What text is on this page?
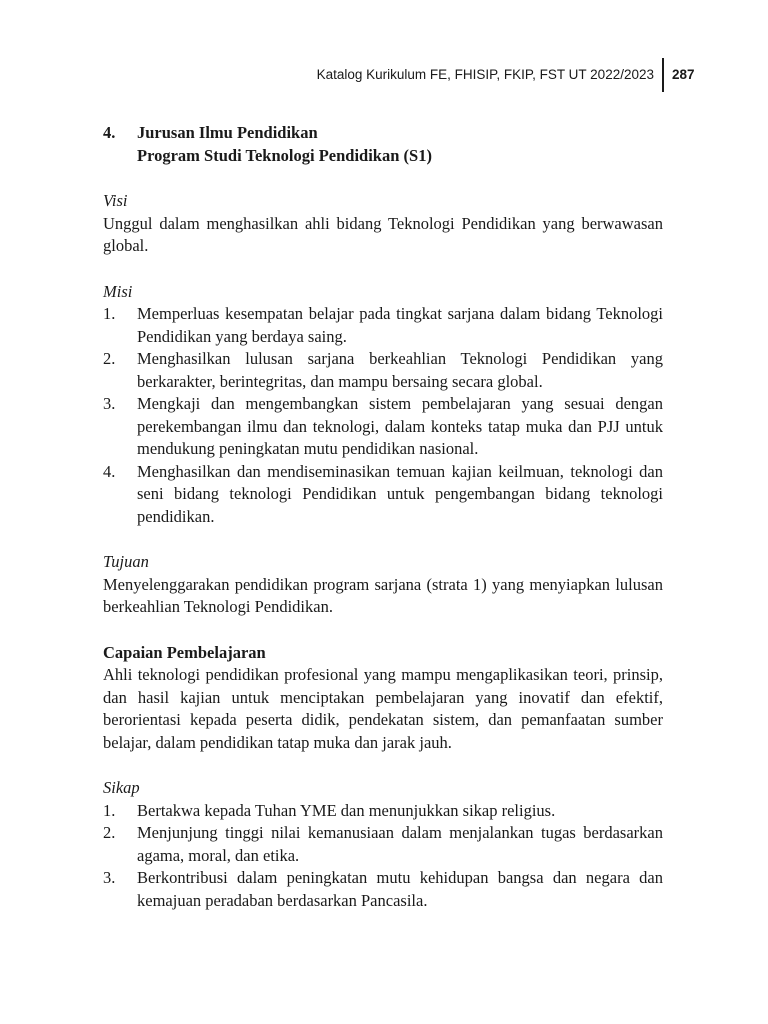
Katalog Kurikulum FE, FHISIP, FKIP, FST UT 2022/2023 287
4.	Jurusan Ilmu Pendidikan
Program Studi Teknologi Pendidikan (S1)
Visi
Unggul dalam menghasilkan ahli bidang Teknologi Pendidikan yang berwawasan global.
Misi
1.	Memperluas kesempatan belajar pada tingkat sarjana dalam bidang Teknologi Pendidikan yang berdaya saing.
2.	Menghasilkan lulusan sarjana berkeahlian Teknologi Pendidikan yang berkarakter, berintegritas, dan mampu bersaing secara global.
3.	Mengkaji dan mengembangkan sistem pembelajaran yang sesuai dengan perekembangan ilmu dan teknologi, dalam konteks tatap muka dan PJJ untuk mendukung peningkatan mutu pendidikan nasional.
4.	Menghasilkan dan mendiseminasikan temuan kajian keilmuan, teknologi dan seni bidang teknologi Pendidikan untuk pengembangan bidang teknologi pendidikan.
Tujuan
Menyelenggarakan pendidikan program sarjana (strata 1) yang menyiapkan lulusan berkeahlian Teknologi Pendidikan.
Capaian Pembelajaran
Ahli teknologi pendidikan profesional yang mampu mengaplikasikan teori, prinsip, dan hasil kajian untuk menciptakan pembelajaran yang inovatif dan efektif, berorientasi kepada peserta didik, pendekatan sistem, dan pemanfaatan sumber belajar, dalam pendidikan tatap muka dan jarak jauh.
Sikap
1.	Bertakwa kepada Tuhan YME dan menunjukkan sikap religius.
2.	Menjunjung tinggi nilai kemanusiaan dalam menjalankan tugas berdasarkan agama, moral, dan etika.
3.	Berkontribusi dalam peningkatan mutu kehidupan bangsa dan negara dan kemajuan peradaban berdasarkan Pancasila.
